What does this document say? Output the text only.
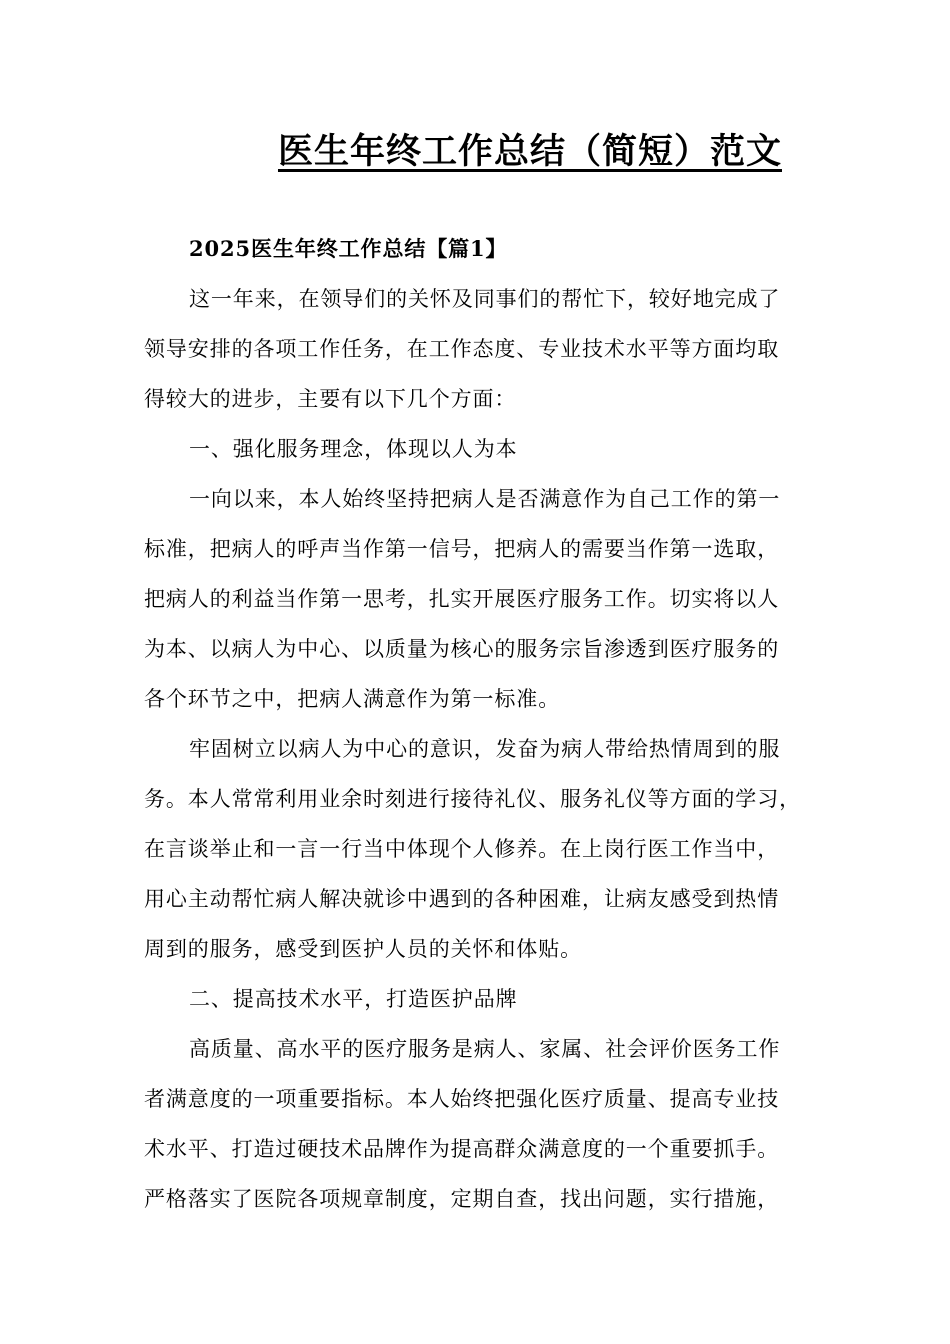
医生年终工作总结（简短）范文
2025医生年终工作总结【篇1】
这一年来，在领导们的关怀及同事们的帮忙下，较好地完成了
领导安排的各项工作任务，在工作态度、专业技术水平等方面均取
得较大的进步，主要有以下几个方面：
一、强化服务理念，体现以人为本
一向以来，本人始终坚持把病人是否满意作为自己工作的第一
标准，把病人的呼声当作第一信号，把病人的需要当作第一选取，
把病人的利益当作第一思考，扎实开展医疗服务工作。切实将以人
为本、以病人为中心、以质量为核心的服务宗旨渗透到医疗服务的
各个环节之中，把病人满意作为第一标准。
牢固树立以病人为中心的意识，发奋为病人带给热情周到的服
务。本人常常利用业余时刻进行接待礼仪、服务礼仪等方面的学习，
在言谈举止和一言一行当中体现个人修养。在上岗行医工作当中，
用心主动帮忙病人解决就诊中遇到的各种困难，让病友感受到热情
周到的服务，感受到医护人员的关怀和体贴。
二、提高技术水平，打造医护品牌
高质量、高水平的医疗服务是病人、家属、社会评价医务工作
者满意度的一项重要指标。本人始终把强化医疗质量、提高专业技
术水平、打造过硬技术品牌作为提高群众满意度的一个重要抓手。
严格落实了医院各项规章制度，定期自查，找出问题，实行措施，
